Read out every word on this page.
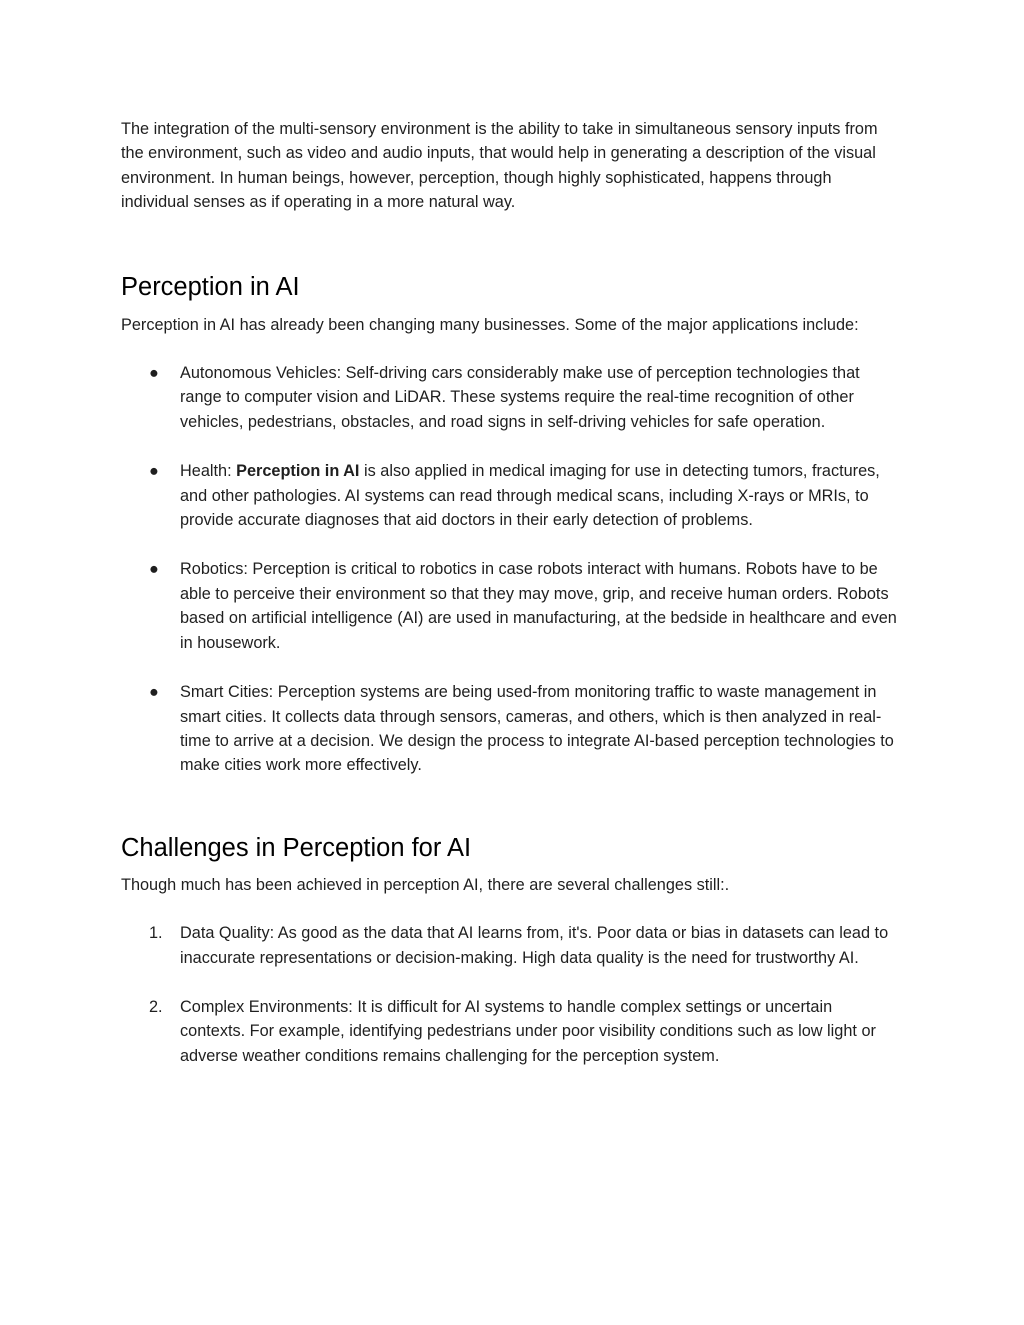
The integration of the multi-sensory environment is the ability to take in simultaneous sensory inputs from the environment, such as video and audio inputs, that would help in generating a description of the visual environment. In human beings, however, perception, though highly sophisticated, happens through individual senses as if operating in a more natural way.

Perception in AI

Perception in AI has already been changing many businesses. Some of the major applications include:

●	Autonomous Vehicles: Self-driving cars considerably make use of perception technologies that range to computer vision and LiDAR. These systems require the real-time recognition of other vehicles, pedestrians, obstacles, and road signs in self-driving vehicles for safe operation.
●	Health: Perception in AI is also applied in medical imaging for use in detecting tumors, fractures, and other pathologies. AI systems can read through medical scans, including X-rays or MRIs, to provide accurate diagnoses that aid doctors in their early detection of problems.
●	Robotics: Perception is critical to robotics in case robots interact with humans. Robots have to be able to perceive their environment so that they may move, grip, and receive human orders. Robots based on artificial intelligence (AI) are used in manufacturing, at the bedside in healthcare and even in housework.
●	Smart Cities: Perception systems are being used-from monitoring traffic to waste management in smart cities. It collects data through sensors, cameras, and others, which is then analyzed in real-time to arrive at a decision. We design the process to integrate AI-based perception technologies to make cities work more effectively.
Challenges in Perception for AI

Though much has been achieved in perception AI, there are several challenges still:.

1.	Data Quality: As good as the data that AI learns from, it's. Poor data or bias in datasets can lead to inaccurate representations or decision-making. High data quality is the need for trustworthy AI.
2.	Complex Environments: It is difficult for AI systems to handle complex settings or uncertain contexts. For example, identifying pedestrians under poor visibility conditions such as low light or adverse weather conditions remains challenging for the perception system.
